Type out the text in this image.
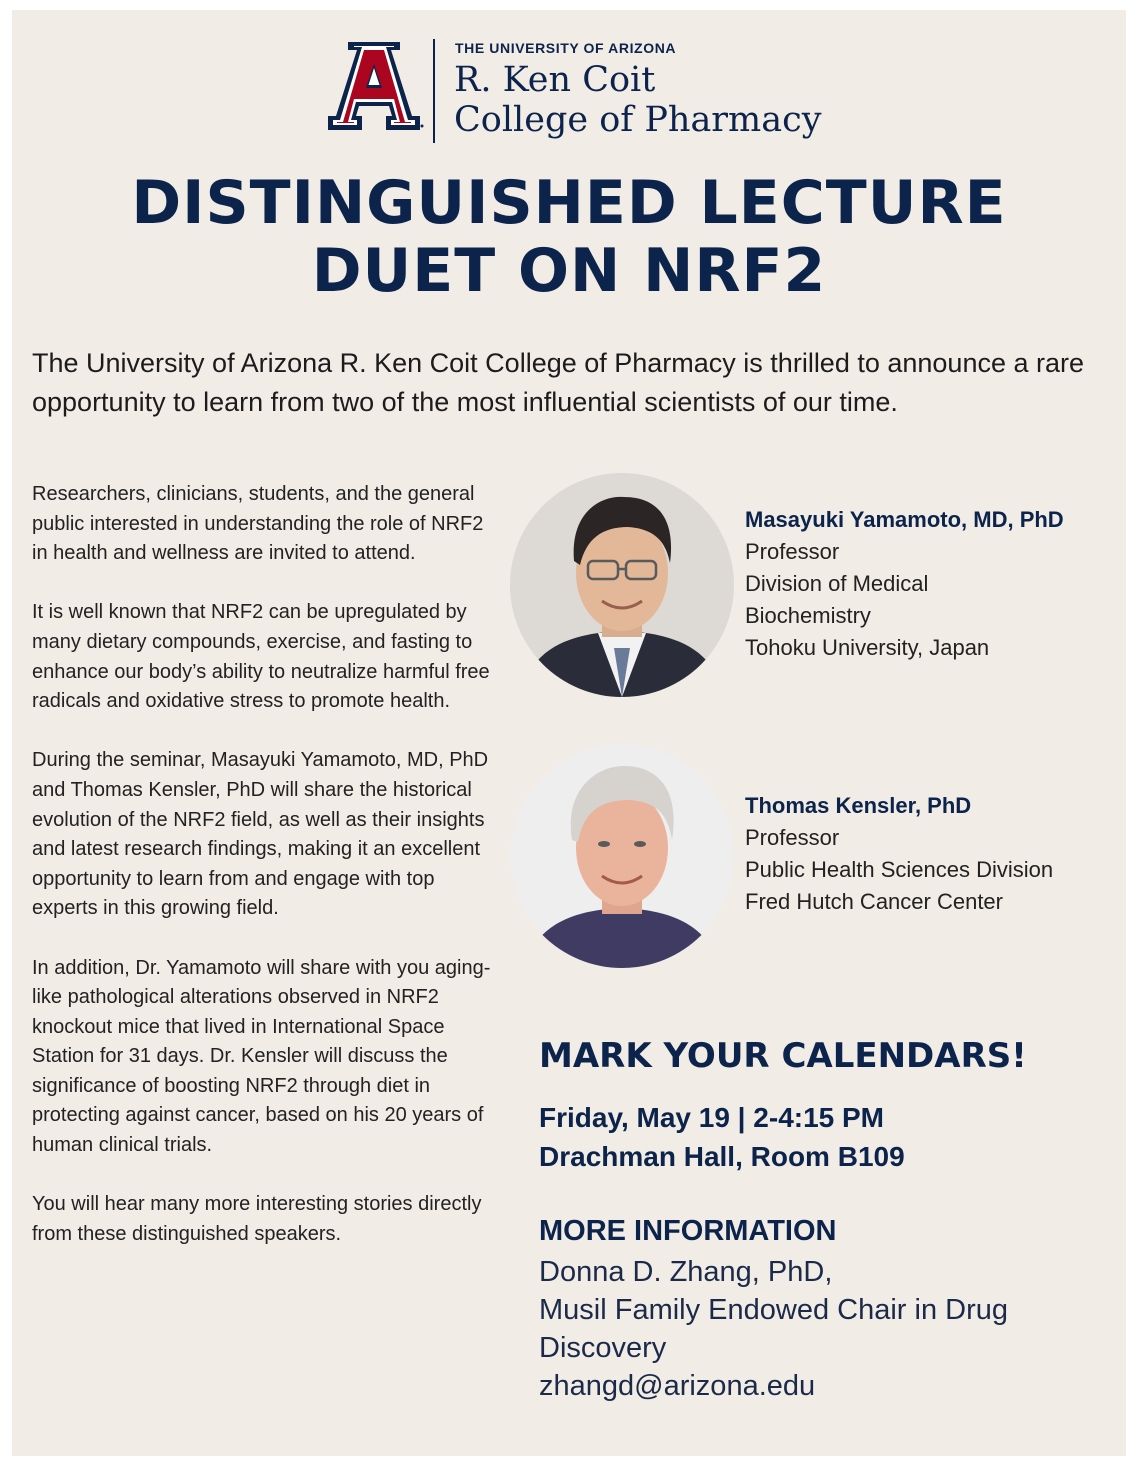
THE UNIVERSITY OF ARIZONA
R. Ken Coit
College of Pharmacy
DISTINGUISHED LECTURE
DUET ON NRF2
The University of Arizona R. Ken Coit College of Pharmacy is thrilled to announce a rare opportunity to learn from two of the most influential scientists of our time.

Researchers, clinicians, students, and the general public interested in understanding the role of NRF2 in health and wellness are invited to attend.

It is well known that NRF2 can be upregulated by many dietary compounds, exercise, and fasting to enhance our body’s ability to neutralize harmful free radicals and oxidative stress to promote health.

During the seminar, Masayuki Yamamoto, MD, PhD and Thomas Kensler, PhD will share the historical evolution of the NRF2 field, as well as their insights and latest research findings, making it an excellent opportunity to learn from and engage with top experts in this growing field.

In addition, Dr. Yamamoto will share with you aging-like pathological alterations observed in NRF2 knockout mice that lived in International Space Station for 31 days. Dr. Kensler will discuss the significance of boosting NRF2 through diet in protecting against cancer, based on his 20 years of human clinical trials.

You will hear many more interesting stories directly from these distinguished speakers.

Masayuki Yamamoto, MD, PhD
Professor
Division of Medical
Biochemistry
Tohoku University, Japan
Thomas Kensler, PhD
Professor
Public Health Sciences Division
Fred Hutch Cancer Center
MARK YOUR CALENDARS!
Friday, May 19 | 2-4:15 PM
Drachman Hall, Room B109
MORE INFORMATION
Donna D. Zhang, PhD,
Musil Family Endowed Chair in Drug
Discovery
zhangd@arizona.edu
